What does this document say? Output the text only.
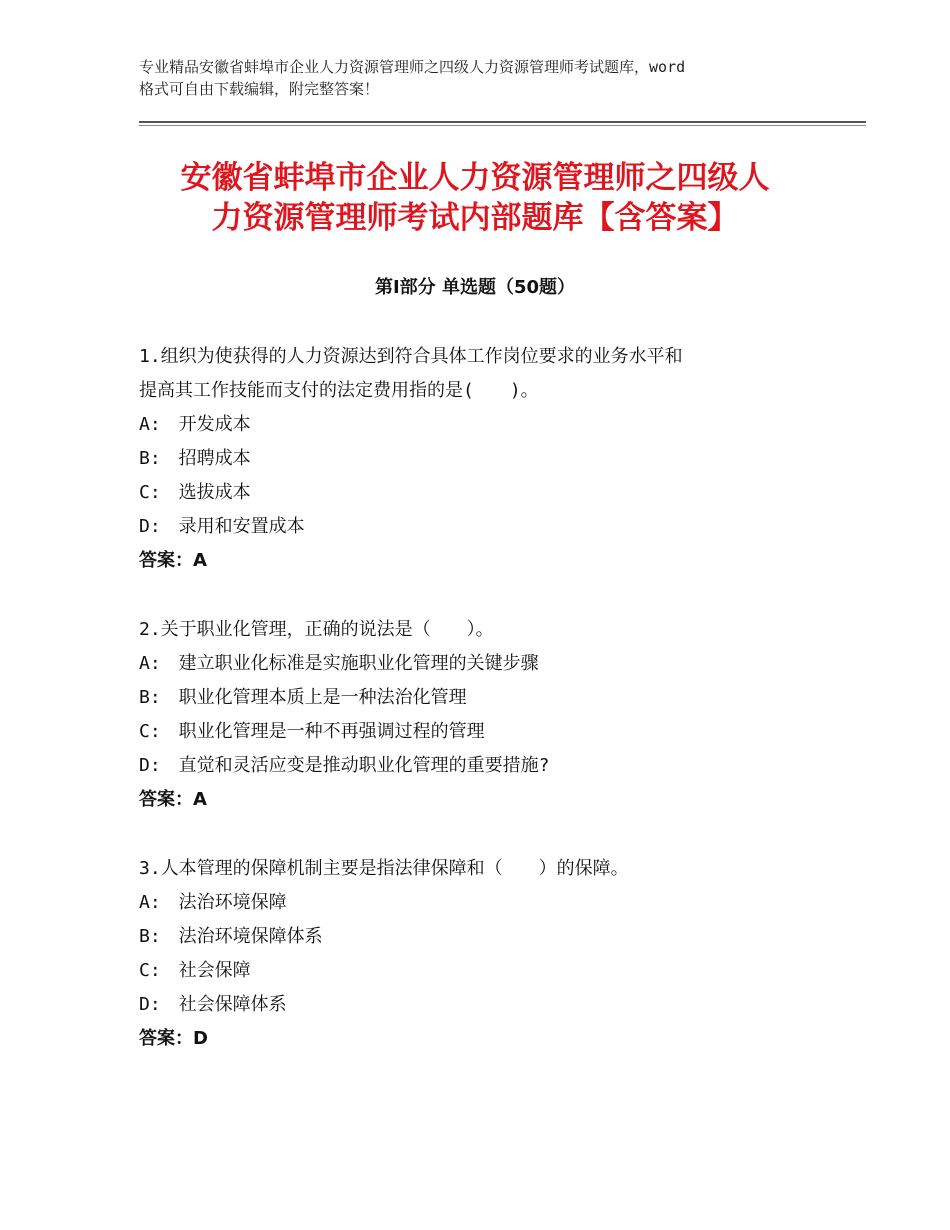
专业精品安徽省蚌埠市企业人力资源管理师之四级人力资源管理师考试题库，word
格式可自由下载编辑，附完整答案！
安徽省蚌埠市企业人力资源管理师之四级人
力资源管理师考试内部题库【含答案】
第Ⅰ部分 单选题（50题）
1.组织为使获得的人力资源达到符合具体工作岗位要求的业务水平和
提高其工作技能而支付的法定费用指的是(　　)。
A:　开发成本
B:　招聘成本
C:　选拔成本
D:　录用和安置成本
答案：A
2.关于职业化管理，正确的说法是（　　）。
A:　建立职业化标准是实施职业化管理的关键步骤
B:　职业化管理本质上是一种法治化管理
C:　职业化管理是一种不再强调过程的管理
D:　直觉和灵活应变是推动职业化管理的重要措施?
答案：A
3.人本管理的保障机制主要是指法律保障和（　　）的保障。
A:　法治环境保障
B:　法治环境保障体系
C:　社会保障
D:　社会保障体系
答案：D
